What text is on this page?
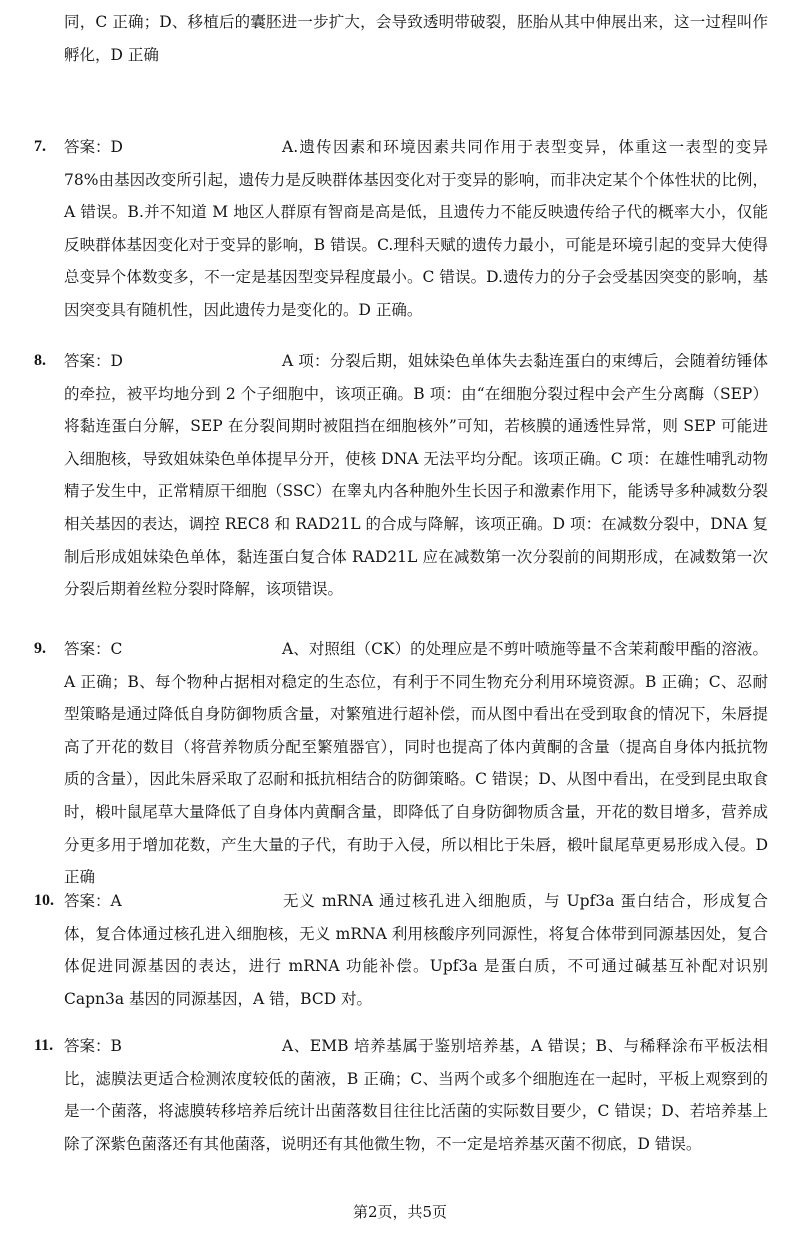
同，C 正确；D、移植后的囊胚进一步扩大，会导致透明带破裂，胚胎从其中伸展出来，这一过程叫作孵化，D 正确
7. 答案：D	A.遗传因素和环境因素共同作用于表型变异，体重这一表型的变异 78%由基因改变所引起，遗传力是反映群体基因变化对于变异的影响，而非决定某个个体性状的比例，A 错误。B.并不知道 M 地区人群原有智商是高是低，且遗传力不能反映遗传给子代的概率大小，仅能反映群体基因变化对于变异的影响，B 错误。C.理科天赋的遗传力最小，可能是环境引起的变异大使得总变异个体数变多，不一定是基因型变异程度最小。C 错误。D.遗传力的分子会受基因突变的影响，基因突变具有随机性，因此遗传力是变化的。D 正确。
8. 答案：D	A 项：分裂后期，姐妹染色单体失去黏连蛋白的束缚后，会随着纺锤体的牵拉，被平均地分到 2 个子细胞中，该项正确。B 项：由“在细胞分裂过程中会产生分离酶（SEP）将黏连蛋白分解，SEP 在分裂间期时被阻挡在细胞核外”可知，若核膜的通透性异常，则 SEP 可能进入细胞核，导致姐妹染色单体提早分开，使核 DNA 无法平均分配。该项正确。C 项：在雄性哺乳动物精子发生中，正常精原干细胞（SSC）在睾丸内各种胞外生长因子和激素作用下，能诱导多种减数分裂相关基因的表达，调控 REC8 和 RAD21L 的合成与降解，该项正确。D 项：在减数分裂中，DNA 复制后形成姐妹染色单体，黏连蛋白复合体 RAD21L 应在减数第一次分裂前的间期形成，在减数第一次分裂后期着丝粒分裂时降解，该项错误。
9. 答案：C	A、对照组（CK）的处理应是不剪叶喷施等量不含茉莉酸甲酯的溶液。A 正确；B、每个物种占据相对稳定的生态位，有利于不同生物充分利用环境资源。B 正确；C、忍耐型策略是通过降低自身防御物质含量，对繁殖进行超补偿，而从图中看出在受到取食的情况下，朱唇提高了开花的数目（将营养物质分配至繁殖器官），同时也提高了体内黄酮的含量（提高自身体内抵抗物质的含量），因此朱唇采取了忍耐和抵抗相结合的防御策略。C 错误；D、从图中看出，在受到昆虫取食时，椴叶鼠尾草大量降低了自身体内黄酮含量，即降低了自身防御物质含量，开花的数目增多，营养成分更多用于增加花数，产生大量的子代，有助于入侵，所以相比于朱唇，椴叶鼠尾草更易形成入侵。D 正确
10. 答案：A	无义 mRNA 通过核孔进入细胞质，与 Upf3a 蛋白结合，形成复合体，复合体通过核孔进入细胞核，无义 mRNA 利用核酸序列同源性，将复合体带到同源基因处，复合体促进同源基因的表达，进行 mRNA 功能补偿。Upf3a 是蛋白质，不可通过碱基互补配对识别 Capn3a 基因的同源基因，A 错，BCD 对。
11. 答案：B	A、EMB 培养基属于鉴别培养基，A 错误；B、与稀释涂布平板法相比，滤膜法更适合检测浓度较低的菌液，B 正确；C、当两个或多个细胞连在一起时，平板上观察到的是一个菌落，将滤膜转移培养后统计出菌落数目往往比活菌的实际数目要少，C 错误；D、若培养基上除了深紫色菌落还有其他菌落，说明还有其他微生物，不一定是培养基灭菌不彻底，D 错误。
第2页，共5页
